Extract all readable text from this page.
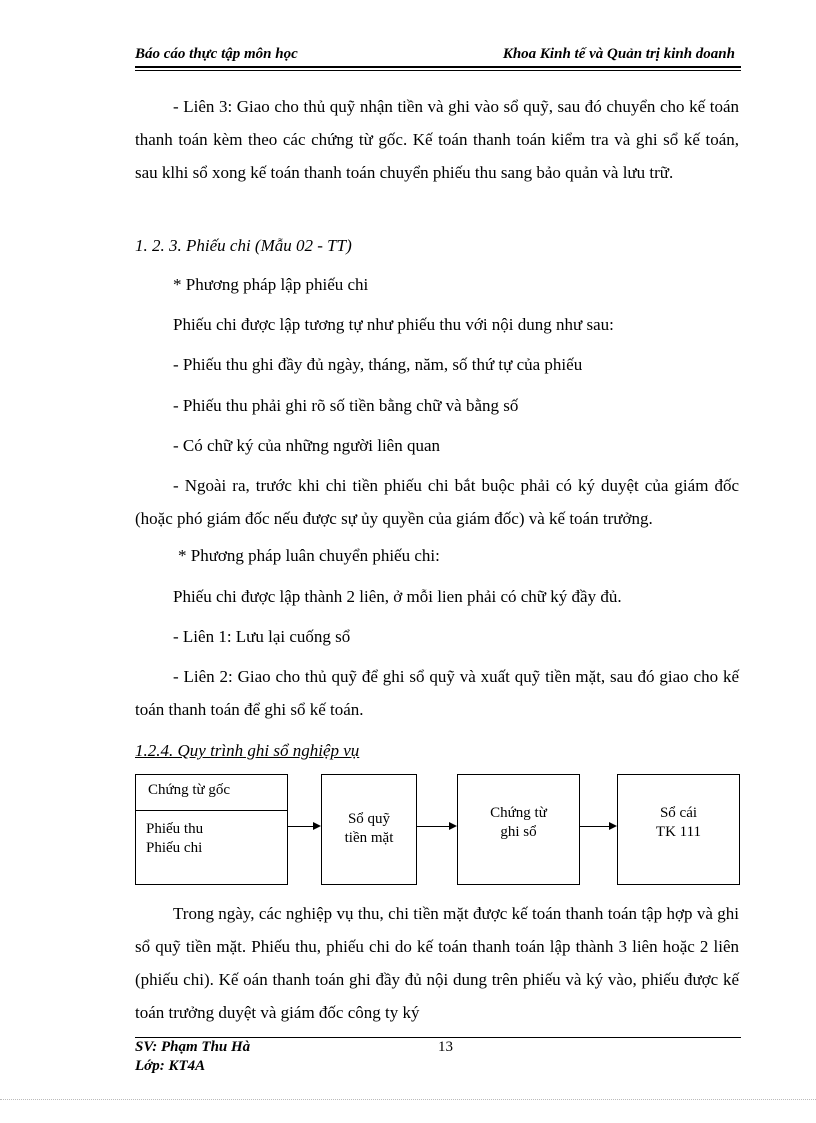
Báo cáo thực tập môn học	Khoa Kinh tế và Quản trị kinh doanh
- Liên 3: Giao cho thủ quỹ nhận tiền và ghi vào sổ quỹ, sau đó chuyển cho kế toán thanh toán kèm theo các chứng từ gốc. Kế toán thanh toán kiểm tra và ghi sổ kế toán, sau klhi sổ xong kế toán thanh toán chuyển phiếu thu sang bảo quản và lưu trữ.
1. 2. 3. Phiếu chi (Mẫu 02 - TT)
* Phương pháp lập phiếu chi
Phiếu chi được lập tương tự như phiếu thu với nội dung như sau:
- Phiếu thu ghi đầy đủ ngày, tháng, năm, số thứ tự của phiếu
- Phiếu thu phải ghi rõ số tiền bằng chữ và bằng số
- Có chữ ký của những người liên quan
- Ngoài ra, trước khi chi tiền phiếu chi bắt buộc phải có ký duyệt của giám đốc (hoặc phó giám đốc nếu được sự ủy quyền của giám đốc) và kế toán trưởng.
* Phương pháp luân chuyển phiếu chi:
Phiếu chi được lập thành 2 liên, ở mỗi lien phải có chữ ký đầy đủ.
- Liên 1: Lưu lại cuống sổ
- Liên 2: Giao cho thủ quỹ để ghi sổ quỹ và xuất quỹ tiền mặt, sau đó giao cho kế toán thanh toán để ghi sổ kế toán.
1.2.4. Quy trình ghi sổ nghiệp vụ
Chứng từ gốc
Phiếu thu
Phiếu chi
Sổ quỹ
tiền mặt
Chứng từ
ghi sổ
Sổ cái
TK 111
Trong ngày, các nghiệp vụ thu, chi tiền mặt được kế toán thanh toán tập hợp và ghi sổ quỹ tiền mặt. Phiếu thu, phiếu chi do kế toán thanh toán lập thành 3 liên hoặc 2 liên (phiếu chi). Kế oán thanh toán ghi đầy đủ nội dung trên phiếu và ký vào, phiếu được kế toán trưởng duyệt và giám đốc công ty ký
SV: Phạm Thu Hà
Lớp: KT4A
13
